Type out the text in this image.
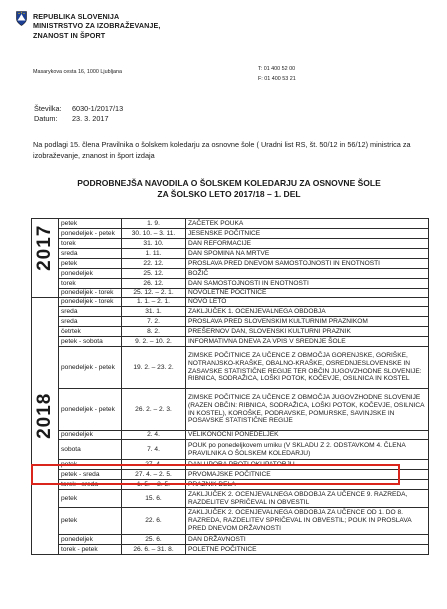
REPUBLIKA SLOVENIJA
MINISTRSTVO ZA IZOBRAŽEVANJE,
ZNANOST IN ŠPORT
Masarykova cesta 16, 1000 Ljubljana	T: 01 400 52 00
F: 01 400 53 21
Številka: 6030-1/2017/13
Datum: 23. 3. 2017
Na podlagi 15. člena Pravilnika o šolskem koledarju za osnovne šole ( Uradni list RS, št. 50/12 in 56/12) ministrica za izobraževanje, znanost in šport izdaja
PODROBNEJŠA NAVODILA O ŠOLSKEM KOLEDARJU ZA OSNOVNE ŠOLE
ZA ŠOLSKO LETO 2017/18 – 1. DEL
2017	petek	1. 9.	ZAČETEK POUKA
	ponedeljek - petek	30. 10. – 3. 11.	JESENSKE POČITNICE
	torek	31. 10.	DAN REFORMACIJE
	sreda	1. 11.	DAN SPOMINA NA MRTVE
	petek	22. 12.	PROSLAVA PRED DNEVOM SAMOSTOJNOSTI IN ENOTNOSTI
	ponedeljek	25. 12.	BOŽIČ
	torek	26. 12.	DAN SAMOSTOJNOSTI IN ENOTNOSTI
	ponedeljek - torek	25. 12. – 2. 1.	NOVOLETNE POČITNICE

2018	ponedeljek - torek	1. 1. – 2. 1.	NOVO LETO
	sreda	31. 1.	ZAKLJUČEK 1. OCENJEVALNEGA OBDOBJA
	sreda	7. 2.	PROSLAVA PRED SLOVENSKIM KULTURNIM PRAZNIKOM
	četrtek	8. 2.	PREŠERNOV DAN, SLOVENSKI KULTURNI PRAZNIK
	petek - sobota	9. 2. – 10. 2.	INFORMATIVNA DNEVA ZA VPIS V SREDNJE ŠOLE
	ponedeljek - petek	19. 2. – 23. 2.	ZIMSKE POČITNICE ZA UČENCE Z OBMOČJA GORENJSKE, GORIŠKE, NOTRANJSKO-KRAŠKE, OBALNO-KRAŠKE, OSREDNJESLOVENSKE IN ZASAVSKE STATISTIČNE REGIJE TER OBČIN JUGOVZHODNE SLOVENIJE: RIBNICA, SODRAŽICA, LOŠKI POTOK, KOČEVJE, OSILNICA IN KOSTEL
	ponedeljek - petek	26. 2. – 2. 3.	ZIMSKE POČITNICE ZA UČENCE Z OBMOČJA JUGOVZHODNE SLOVENIJE (RAZEN OBČIN: RIBNICA, SODRAŽICA, LOŠKI POTOK, KOČEVJE, OSILNICA IN KOSTEL), KOROŠKE, PODRAVSKE, POMURSKE, SAVINJSKE IN POSAVSKE STATISTIČNE REGIJE
	ponedeljek	2. 4.	VELIKONOČNI PONEDELJEK
	sobota	7. 4.	POUK po ponedeljkovem urniku (V SKLADU Z 2. ODSTAVKOM 4. ČLENA PRAVILNIKA O ŠOLSKEM KOLEDARJU)
	petek	27. 4.	DAN UPORA PROTI OKUPATORJU
	petek - sreda	27. 4. – 2. 5.	PRVOMAJSKE POČITNICE
	torek - sreda	1. 5. – 2. 5.	PRAZNIK DELA
	petek	15. 6.	ZAKLJUČEK 2. OCENJEVALNEGA OBDOBJA ZA UČENCE 9. RAZREDA, RAZDELITEV SPRIČEVAL IN OBVESTIL
	petek	22. 6.	ZAKLJUČEK 2. OCENJEVALNEGA OBDOBJA ZA UČENCE OD 1. DO 8. RAZREDA, RAZDELITEV SPRIČEVAL IN OBVESTIL; POUK IN PROSLAVA PRED DNEVOM DRŽAVNOSTI
	ponedeljek	25. 6.	DAN DRŽAVNOSTI
	torek - petek	26. 6. – 31. 8.	POLETNE POČITNICE
